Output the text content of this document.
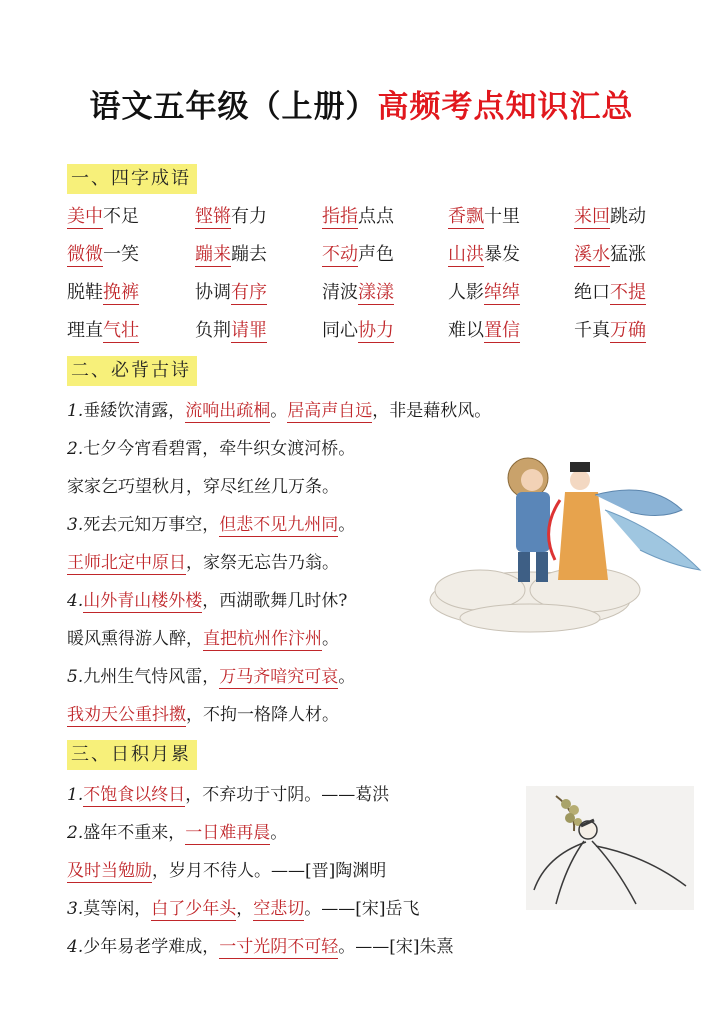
语文五年级（上册）高频考点知识汇总
一、四字成语
美中不足	铿锵有力	指指点点	香飘十里	来回跳动
微微一笑	蹦来蹦去	不动声色	山洪暴发	溪水猛涨
脱鞋挽裤	协调有序	清波漾漾	人影绰绰	绝口不提
理直气壮	负荆请罪	同心协力	难以置信	千真万确
二、必背古诗
1.垂緌饮清露，流响出疏桐。居高声自远，非是藉秋风。
2.七夕今宵看碧霄，牵牛织女渡河桥。
家家乞巧望秋月，穿尽红丝几万条。
3.死去元知万事空，但悲不见九州同。
王师北定中原日，家祭无忘告乃翁。
4.山外青山楼外楼，西湖歌舞几时休?
暖风熏得游人醉，直把杭州作汴州。
5.九州生气恃风雷，万马齐喑究可哀。
我劝天公重抖擞，不拘一格降人材。
三、日积月累
1.不饱食以终日，不弃功于寸阴。——葛洪
2.盛年不重来，一日难再晨。
及时当勉励，岁月不待人。——[晋]陶渊明
3.莫等闲，白了少年头，空悲切。——[宋]岳飞
4.少年易老学难成，一寸光阴不可轻。——[宋]朱熹
